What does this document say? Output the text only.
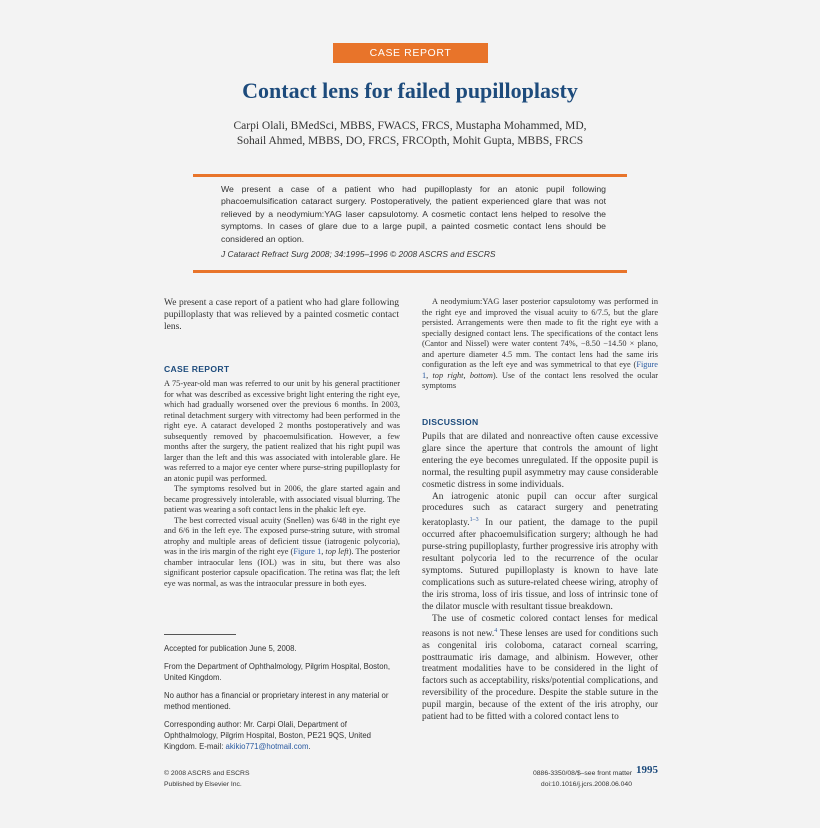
CASE REPORT
Contact lens for failed pupilloplasty
Carpi Olali, BMedSci, MBBS, FWACS, FRCS, Mustapha Mohammed, MD,
Sohail Ahmed, MBBS, DO, FRCS, FRCOpth, Mohit Gupta, MBBS, FRCS

We present a case of a patient who had pupilloplasty for an atonic pupil following phacoemulsification cataract surgery. Postoperatively, the patient experienced glare that was not relieved by a neodymium:YAG laser capsulotomy. A cosmetic contact lens helped to resolve the symptoms. In cases of glare due to a large pupil, a painted cosmetic contact lens should be considered an option.

J Cataract Refract Surg 2008; 34:1995–1996 © 2008 ASCRS and ESCRS

We present a case report of a patient who had glare following pupilloplasty that was relieved by a painted cosmetic contact lens.

CASE REPORT

A 75-year-old man was referred to our unit by his general practitioner for what was described as excessive bright light entering the right eye, which had gradually worsened over the previous 6 months. In 2003, retinal detachment surgery with vitrectomy had been performed in the right eye. A cataract developed 2 months postoperatively and was subsequently removed by phacoemulsification. However, a few months after the surgery, the patient realized that his right pupil was larger than the left and this was associated with intolerable glare. He was referred to a major eye center where purse-string pupilloplasty for an atonic pupil was performed.

The symptoms resolved but in 2006, the glare started again and became progressively intolerable, with associated visual blurring. The patient was wearing a soft contact lens in the phakic left eye.

The best corrected visual acuity (Snellen) was 6/48 in the right eye and 6/6 in the left eye. The exposed purse-string suture, with stromal atrophy and multiple areas of deficient tissue (iatrogenic polycoria), was in the iris margin of the right eye (Figure 1, top left). The posterior chamber intraocular lens (IOL) was in situ, but there was also significant posterior capsule opacification. The retina was flat; the left eye was normal, as was the intraocular pressure in both eyes.

A neodymium:YAG laser posterior capsulotomy was performed in the right eye and improved the visual acuity to 6/7.5, but the glare persisted. Arrangements were then made to fit the right eye with a specially designed contact lens. The specifications of the contact lens (Cantor and Nissel) were water content 74%, −8.50 −14.50 × plano, and aperture diameter 4.5 mm. The contact lens had the same iris configuration as the left eye and was symmetrical to that eye (Figure 1, top right, bottom). Use of the contact lens resolved the ocular symptoms

DISCUSSION

Pupils that are dilated and nonreactive often cause excessive glare since the aperture that controls the amount of light entering the eye becomes unregulated. If the opposite pupil is normal, the resulting pupil asymmetry may cause considerable cosmetic distress in some individuals.

An iatrogenic atonic pupil can occur after surgical procedures such as cataract surgery and penetrating keratoplasty.$^{1-3}$ In our patient, the damage to the pupil occurred after phacoemulsification surgery; although he had purse-string pupilloplasty, further progressive iris atrophy with resultant polycoria led to the recurrence of the ocular symptoms. Sutured pupilloplasty is known to have late complications such as suture-related cheese wiring, atrophy of the iris stroma, loss of iris tissue, and loss of intrinsic tone of the dilator muscle with resultant tissue breakdown.

The use of cosmetic colored contact lenses for medical reasons is not new.$^4$ These lenses are used for conditions such as congenital iris coloboma, cataract corneal scarring, posttraumatic iris damage, and albinism. However, other treatment modalities have to be considered in the light of factors such as acceptability, risks/potential complications, and reversibility of the procedure. Despite the stable suture in the pupil margin, because of the extent of the iris atrophy, our patient had to be fitted with a colored contact lens to

Accepted for publication June 5, 2008.

From the Department of Ophthalmology, Pilgrim Hospital, Boston, United Kingdom.

No author has a financial or proprietary interest in any material or method mentioned.

Corresponding author: Mr. Carpi Olali, Department of Ophthalmology, Pilgrim Hospital, Boston, PE21 9QS, United Kingdom. E-mail: akikio771@hotmail.com.

© 2008 ASCRS and ESCRS
Published by Elsevier Inc.
0886-3350/08/$–see front matter
doi:10.1016/j.jcrs.2008.06.040
1995
